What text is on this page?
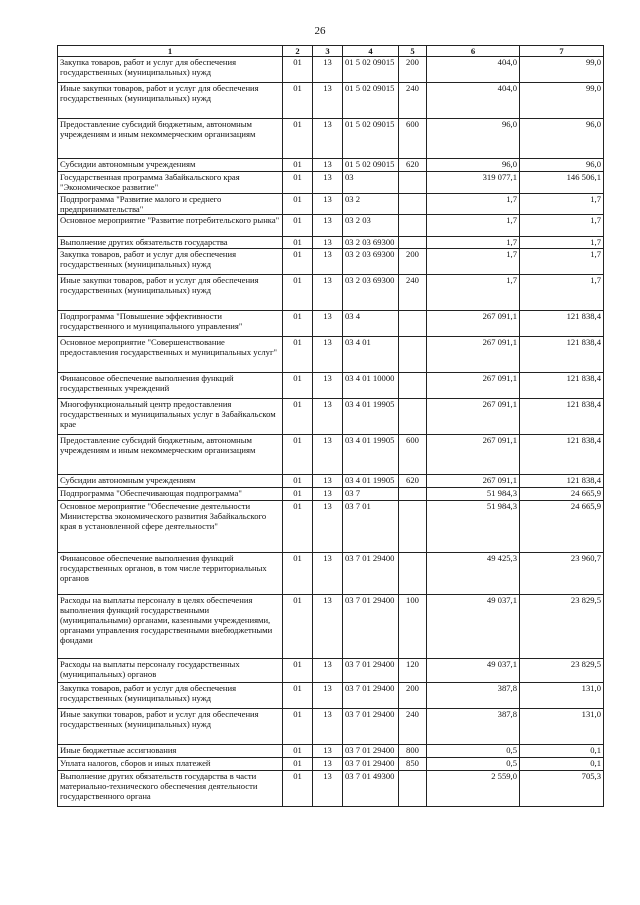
26
1	2	3	4	5	6	7
Закупка товаров, работ и услуг для обеспечения государственных (муниципальных) нужд	01	13	01 5 02 09015	200	404,0	99,0
Иные закупки товаров, работ и услуг для обеспечения государственных (муниципальных) нужд	01	13	01 5 02 09015	240	404,0	99,0
Предоставление субсидий бюджетным, автономным учреждениям и иным некоммерческим организациям	01	13	01 5 02 09015	600	96,0	96,0
Субсидии автономным учреждениям	01	13	01 5 02 09015	620	96,0	96,0
Государственная программа Забайкальского края "Экономическое развитие"	01	13	03		319 077,1	146 506,1
Подпрограмма "Развитие малого и среднего предпринимательства"	01	13	03 2		1,7	1,7
Основное мероприятие "Развитие потребительского рынка"	01	13	03 2 03		1,7	1,7
Выполнение других обязательств государства	01	13	03 2 03 69300		1,7	1,7
Закупка товаров, работ и услуг для обеспечения государственных (муниципальных) нужд	01	13	03 2 03 69300	200	1,7	1,7
Иные закупки товаров, работ и услуг для обеспечения государственных (муниципальных) нужд	01	13	03 2 03 69300	240	1,7	1,7
Подпрограмма "Повышение эффективности государственного и муниципального управления"	01	13	03 4		267 091,1	121 838,4
Основное мероприятие "Совершенствование предоставления государственных и муниципальных услуг"	01	13	03 4 01		267 091,1	121 838,4
Финансовое обеспечение выполнения функций государственных учреждений	01	13	03 4 01 10000		267 091,1	121 838,4
Многофункциональный центр предоставления государственных и муниципальных услуг в Забайкальском крае	01	13	03 4 01 19905		267 091,1	121 838,4
Предоставление субсидий бюджетным, автономным учреждениям и иным некоммерческим организациям	01	13	03 4 01 19905	600	267 091,1	121 838,4
Субсидии автономным учреждениям	01	13	03 4 01 19905	620	267 091,1	121 838,4
Подпрограмма "Обеспечивающая подпрограмма"	01	13	03 7		51 984,3	24 665,9
Основное мероприятие "Обеспечение деятельности Министерства экономического развития Забайкальского края в установленной сфере деятельности"	01	13	03 7 01		51 984,3	24 665,9
Финансовое обеспечение выполнения функций государственных органов, в том числе территориальных органов	01	13	03 7 01 29400		49 425,3	23 960,7
Расходы на выплаты персоналу в целях обеспечения выполнения функций государственными (муниципальными) органами, казенными учреждениями, органами управления государственными внебюджетными фондами	01	13	03 7 01 29400	100	49 037,1	23 829,5
Расходы на выплаты персоналу государственных (муниципальных) органов	01	13	03 7 01 29400	120	49 037,1	23 829,5
Закупка товаров, работ и услуг для обеспечения государственных (муниципальных) нужд	01	13	03 7 01 29400	200	387,8	131,0
Иные закупки товаров, работ и услуг для обеспечения государственных (муниципальных) нужд	01	13	03 7 01 29400	240	387,8	131,0
Иные бюджетные ассигнования	01	13	03 7 01 29400	800	0,5	0,1
Уплата налогов, сборов и иных платежей	01	13	03 7 01 29400	850	0,5	0,1
Выполнение других обязательств государства в части материально-технического обеспечения деятельности государственного органа	01	13	03 7 01 49300		2 559,0	705,3
